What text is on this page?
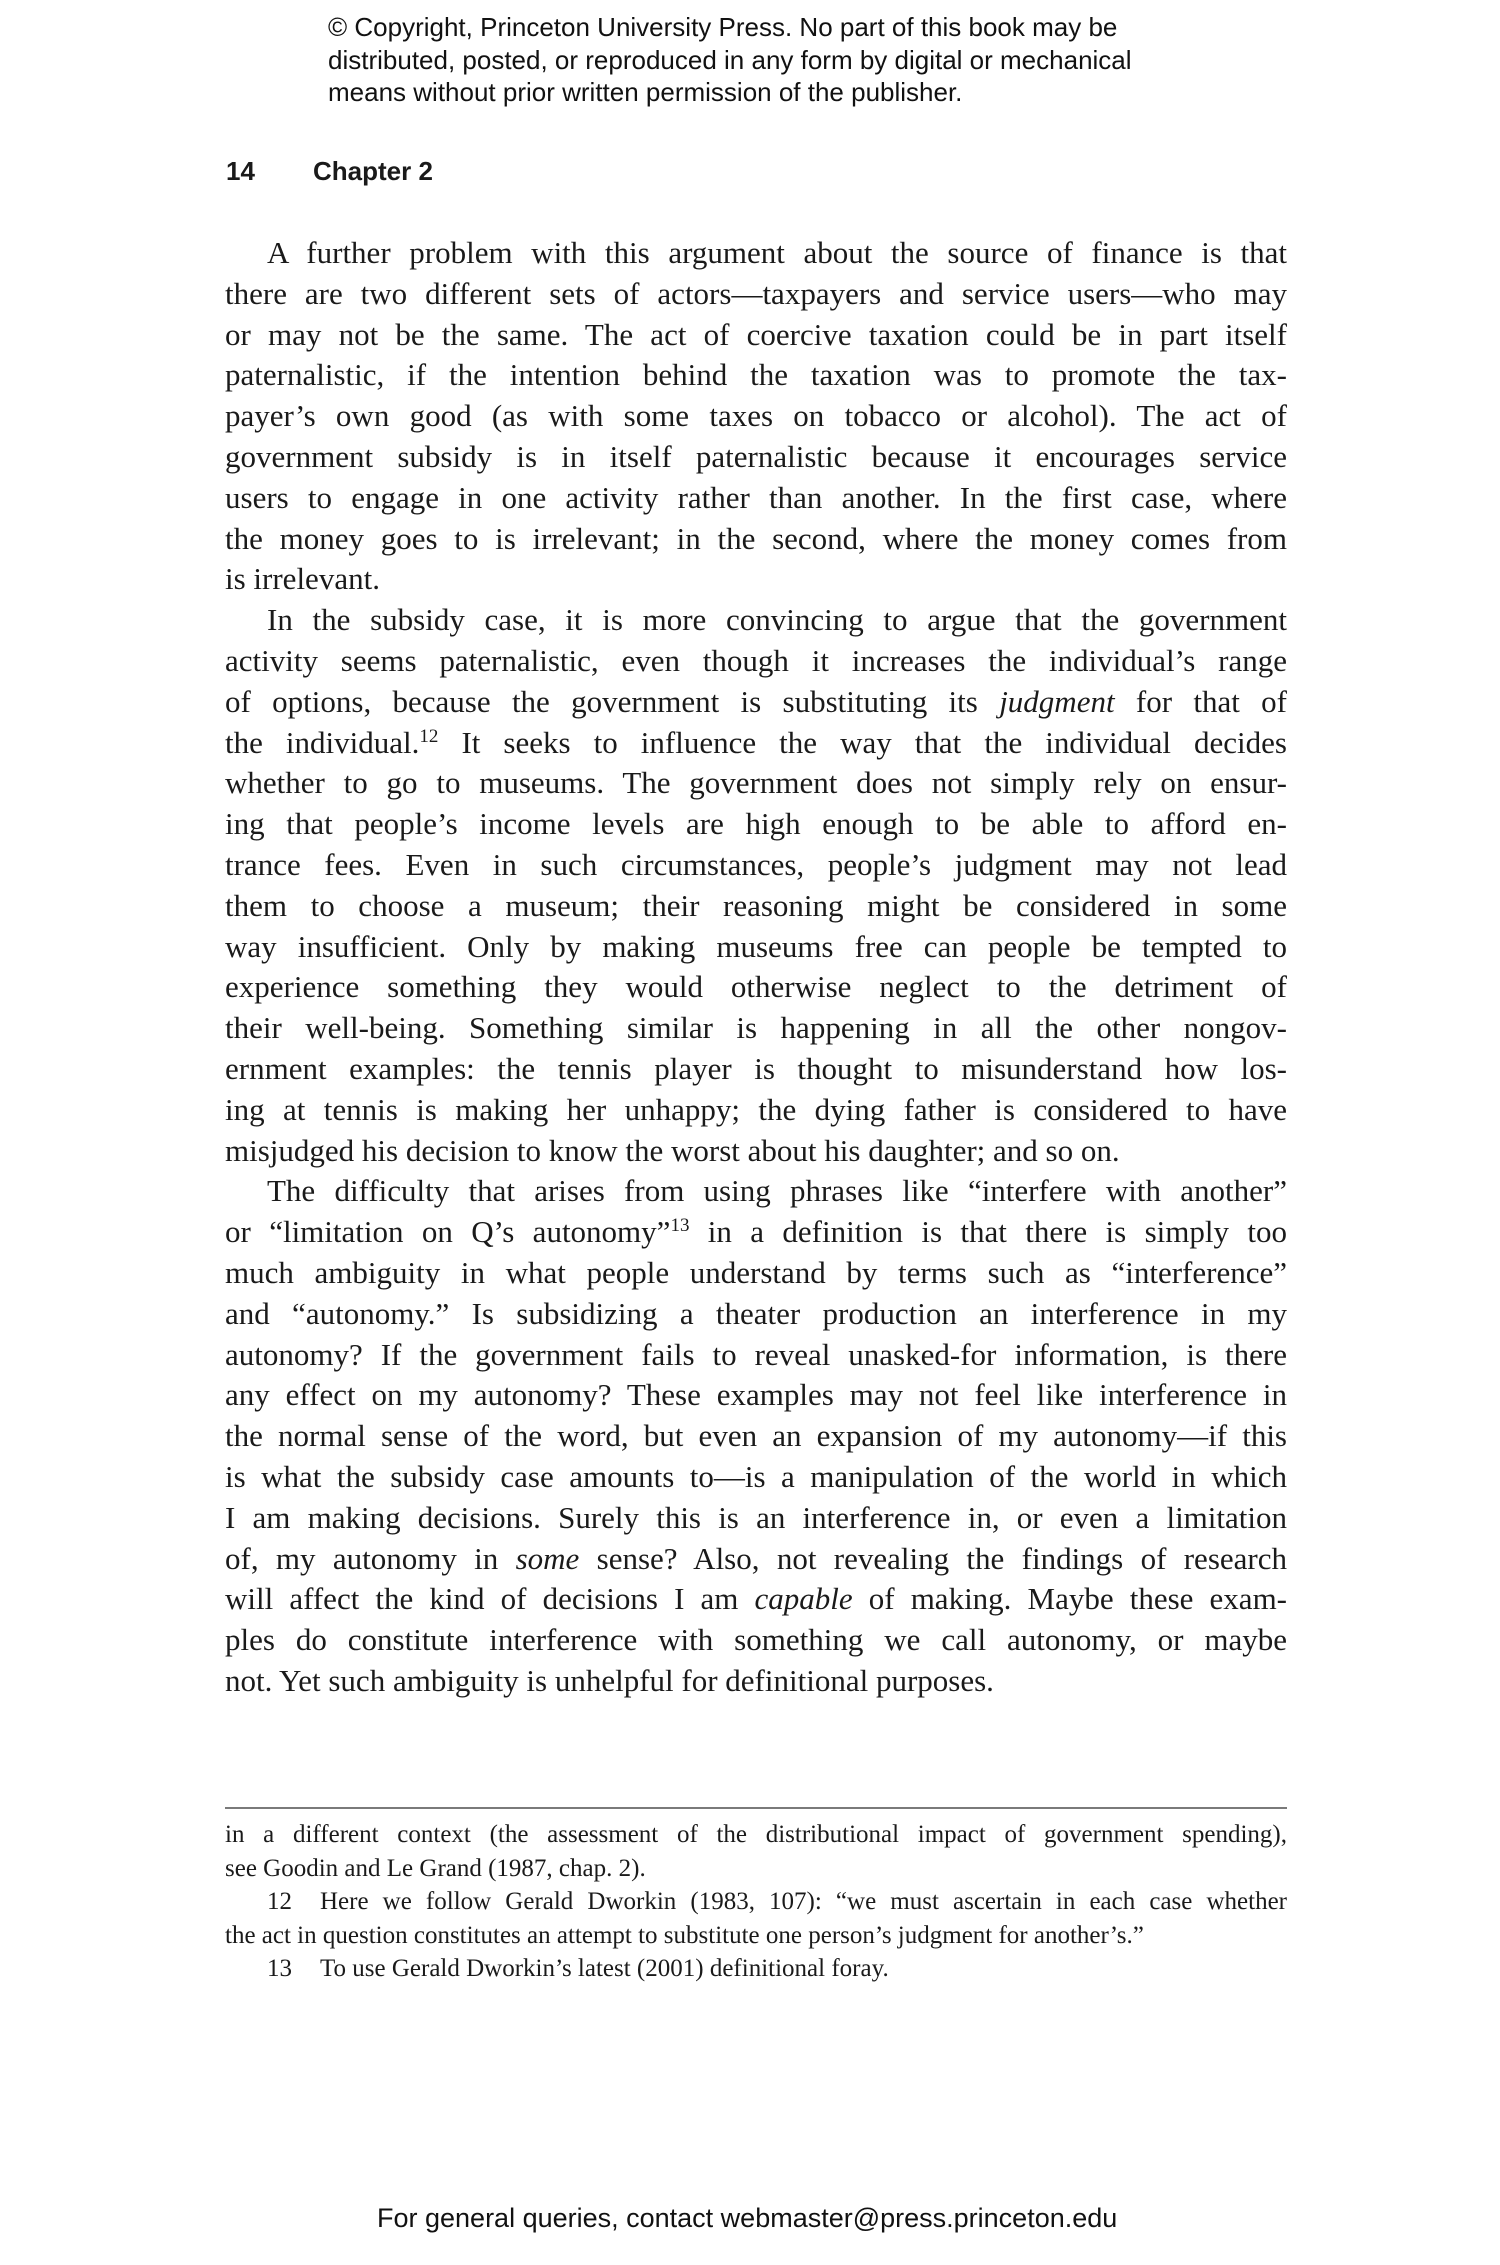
© Copyright, Princeton University Press. No part of this book may be
distributed, posted, or reproduced in any form by digital or mechanical
means without prior written permission of the publisher.
14 Chapter 2
A further problem with this argument about the source of finance is that
there are two different sets of actors—taxpayers and service users—who may
or may not be the same. The act of coercive taxation could be in part itself
paternalistic, if the intention behind the taxation was to promote the tax-
payer’s own good (as with some taxes on tobacco or alcohol). The act of
government subsidy is in itself paternalistic because it encourages service
users to engage in one activity rather than another. In the first case, where
the money goes to is irrelevant; in the second, where the money comes from
is irrelevant.
In the subsidy case, it is more convincing to argue that the government
activity seems paternalistic, even though it increases the individual’s range
of options, because the government is substituting its judgment for that of
the individual.$^{12}$ It seeks to influence the way that the individual decides
whether to go to museums. The government does not simply rely on ensur-
ing that people’s income levels are high enough to be able to afford en-
trance fees. Even in such circumstances, people’s judgment may not lead
them to choose a museum; their reasoning might be considered in some
way insufficient. Only by making museums free can people be tempted to
experience something they would otherwise neglect to the detriment of
their well-being. Something similar is happening in all the other nongov-
ernment examples: the tennis player is thought to misunderstand how los-
ing at tennis is making her unhappy; the dying father is considered to have
misjudged his decision to know the worst about his daughter; and so on.
The difficulty that arises from using phrases like “interfere with another”
or “limitation on Q’s autonomy”$^{13}$ in a definition is that there is simply too
much ambiguity in what people understand by terms such as “interference”
and “autonomy.” Is subsidizing a theater production an interference in my
autonomy? If the government fails to reveal unasked-for information, is there
any effect on my autonomy? These examples may not feel like interference in
the normal sense of the word, but even an expansion of my autonomy—if this
is what the subsidy case amounts to—is a manipulation of the world in which
I am making decisions. Surely this is an interference in, or even a limitation
of, my autonomy in some sense? Also, not revealing the findings of research
will affect the kind of decisions I am capable of making. Maybe these exam-
ples do constitute interference with something we call autonomy, or maybe
not. Yet such ambiguity is unhelpful for definitional purposes.
in a different context (the assessment of the distributional impact of government spending),
see Goodin and Le Grand (1987, chap. 2).
12 Here we follow Gerald Dworkin (1983, 107): “we must ascertain in each case whether
the act in question constitutes an attempt to substitute one person’s judgment for another’s.”
13 To use Gerald Dworkin’s latest (2001) definitional foray.
For general queries, contact webmaster@press.princeton.edu
